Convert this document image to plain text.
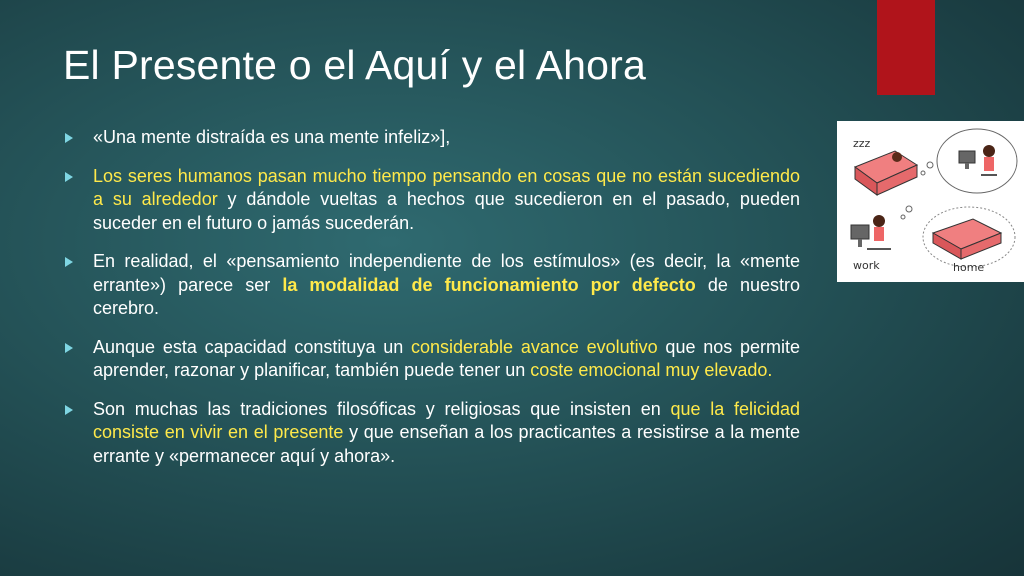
El Presente o el Aquí y el Ahora
«Una mente distraída es una mente infeliz»],
Los seres humanos pasan mucho tiempo pensando en cosas que no están sucediendo a su alrededor y dándole vueltas a hechos que sucedieron en el pasado, pueden suceder en el futuro o jamás sucederán.
En realidad, el «pensamiento independiente de los estímulos» (es decir, la «mente errante») parece ser la modalidad de funcionamiento por defecto de nuestro cerebro.
Aunque esta capacidad constituya un considerable avance evolutivo que nos permite aprender, razonar y planificar, también puede tener un coste emocional muy elevado.
Son muchas las tradiciones filosóficas y religiosas que insisten en que la felicidad consiste en vivir en el presente y que enseñan a los practicantes a resistirse a la mente errante y «permanecer aquí y ahora».
zzz
work	home
